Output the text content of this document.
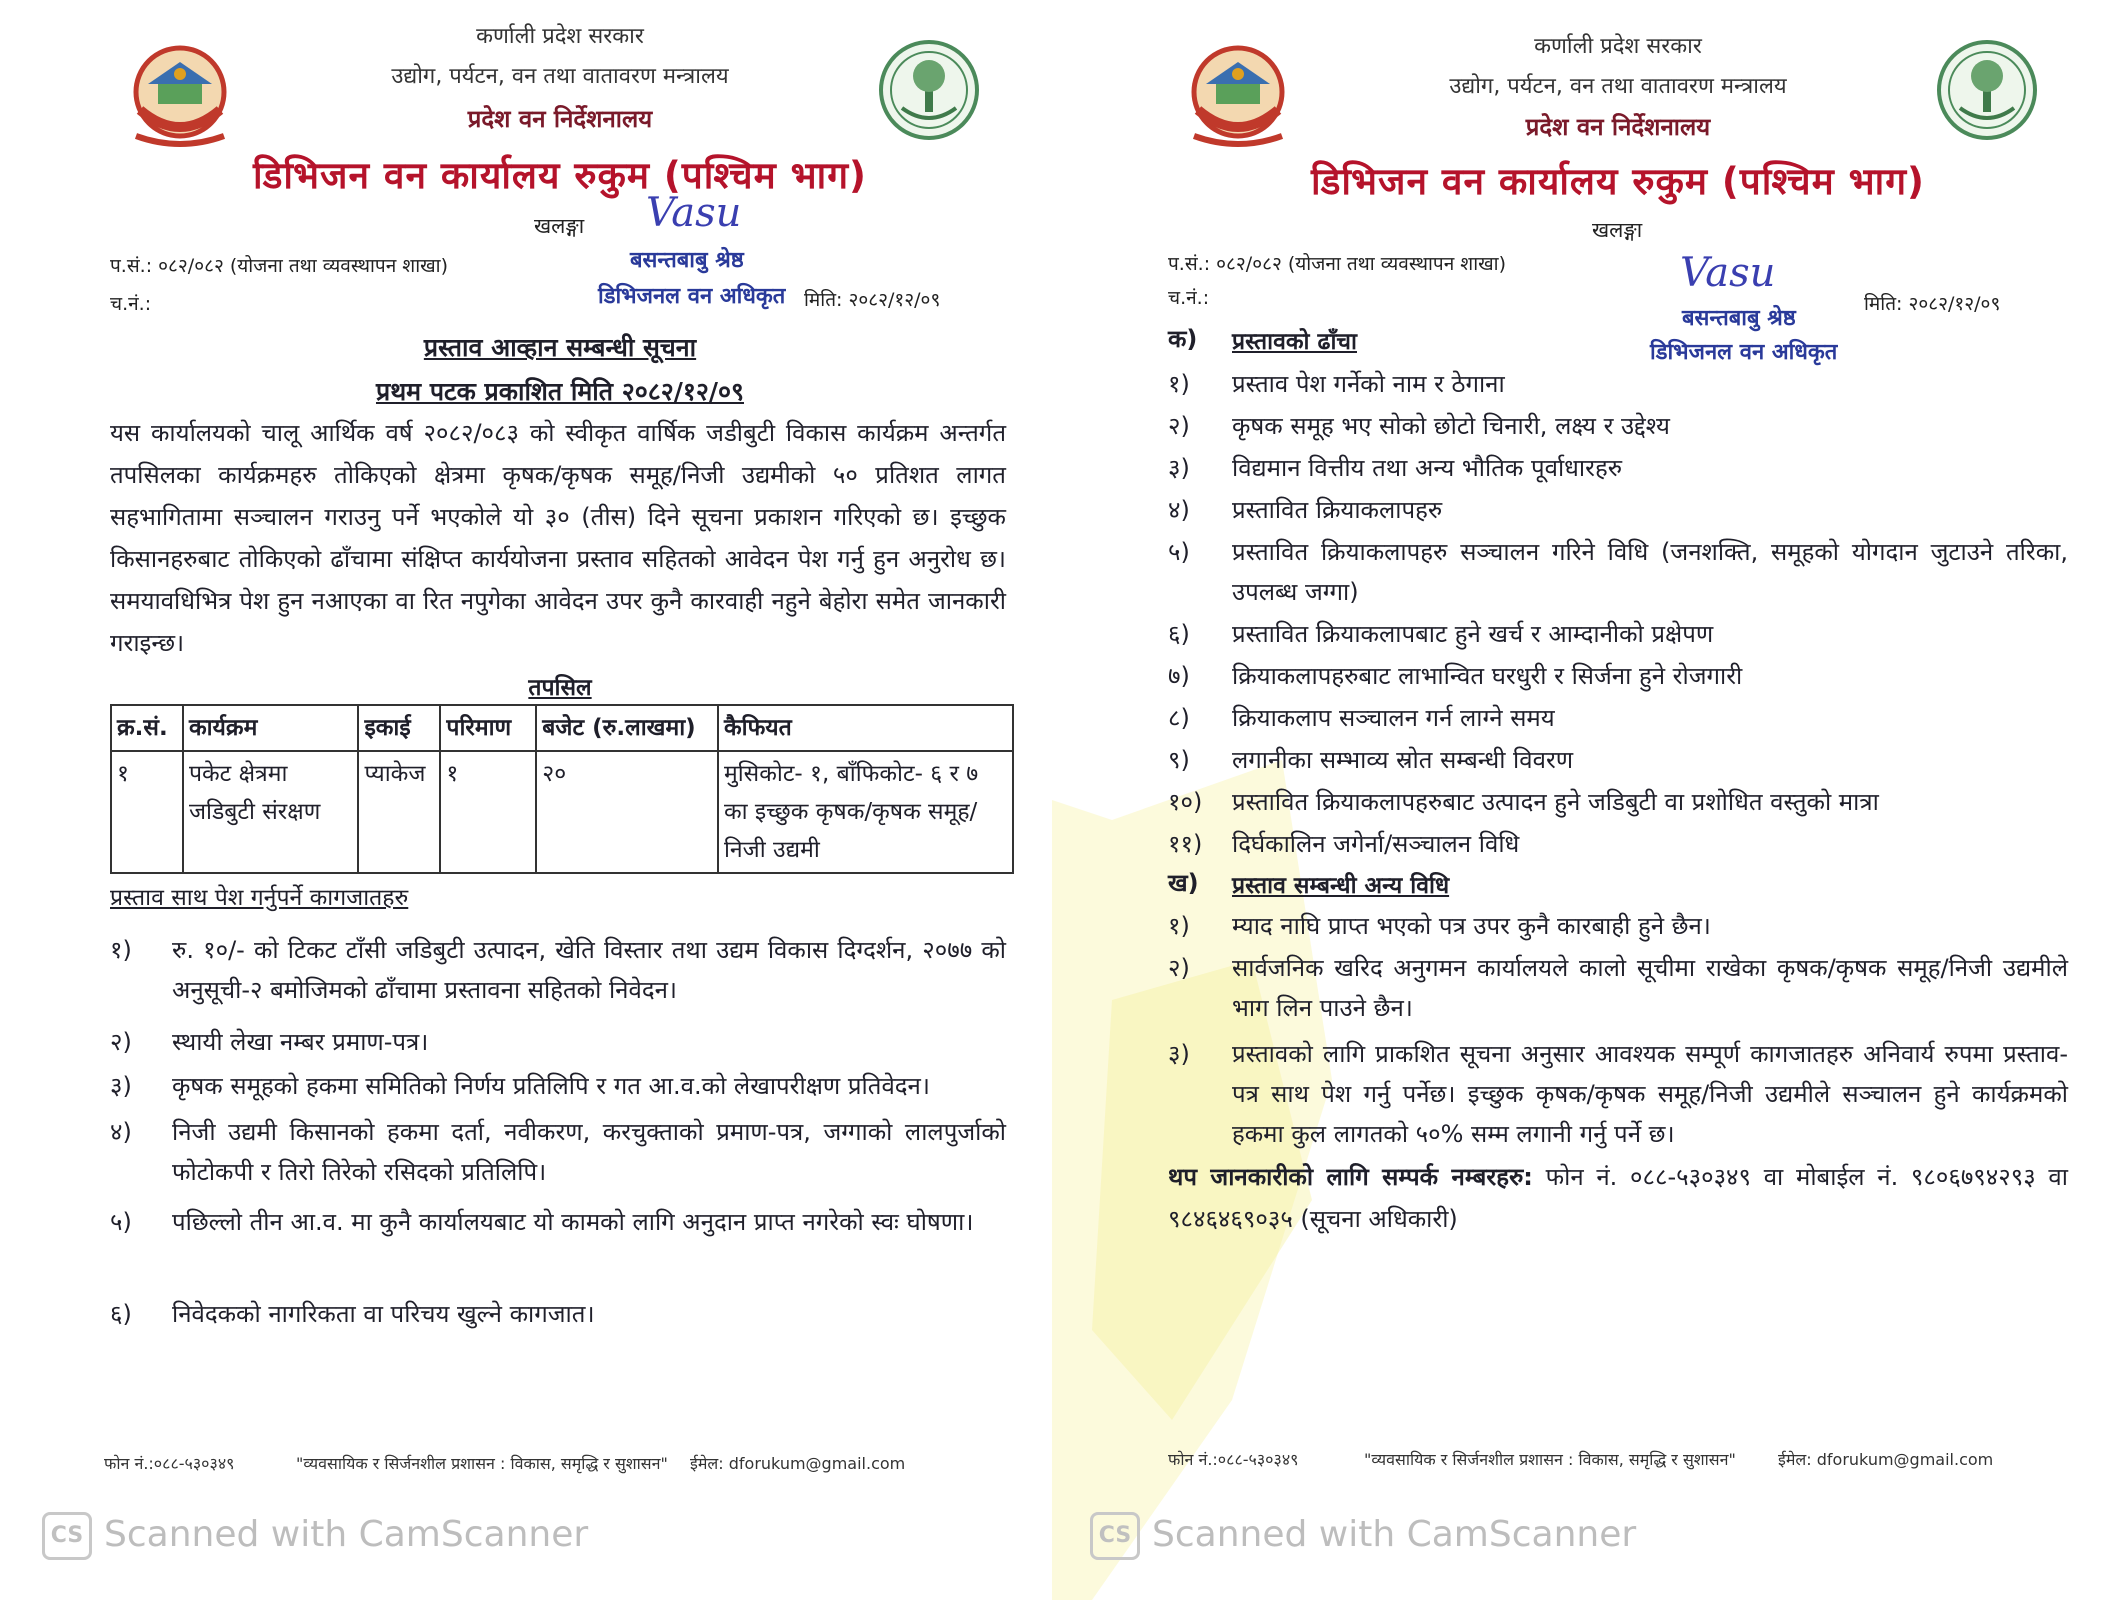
कर्णाली प्रदेश सरकार
उद्योग, पर्यटन, वन तथा वातावरण मन्त्रालय
प्रदेश वन निर्देशनालय
डिभिजन वन कार्यालय रुकुम (पश्चिम भाग)
खलङ्गा Vasu
बसन्तबाबु श्रेष्ठ
डिभिजनल वन अधिकृत
प.सं.: ०८२/०८२ (योजना तथा व्यवस्थापन शाखा)
च.नं.:	मिति: २०८२/१२/०९
प्रस्ताव आव्हान सम्बन्धी सूचना
प्रथम पटक प्रकाशित मिति २०८२/१२/०९
यस कार्यालयको चालू आर्थिक वर्ष २०८२/०८३ को स्वीकृत वार्षिक जडीबुटी विकास कार्यक्रम अन्तर्गत तपसिलका कार्यक्रमहरु तोकिएको क्षेत्रमा कृषक/कृषक समूह/निजी उद्यमीको ५० प्रतिशत लागत सहभागितामा सञ्चालन गराउनु पर्ने भएकोले यो ३० (तीस) दिने सूचना प्रकाशन गरिएको छ। इच्छुक किसानहरुबाट तोकिएको ढाँचामा संक्षिप्त कार्ययोजना प्रस्ताव सहितको आवेदन पेश गर्नु हुन अनुरोध छ। समयावधिभित्र पेश हुन नआएका वा रित नपुगेका आवेदन उपर कुनै कारवाही नहुने बेहोरा समेत जानकारी गराइन्छ।
तपसिल
क्र.सं.	कार्यक्रम	इकाई	परिमाण	बजेट (रु.लाखमा)	कैफियत
१	पकेट क्षेत्रमा जडिबुटी संरक्षण	प्याकेज	१	२०	मुसिकोट- १, बाँफिकोट- ६ र ७ का इच्छुक कृषक/कृषक समूह/निजी उद्यमी
प्रस्ताव साथ पेश गर्नुपर्ने कागजातहरु
१) रु. १०/- को टिकट टाँसी जडिबुटी उत्पादन, खेति विस्तार तथा उद्यम विकास दिग्दर्शन, २०७७ को अनुसूची-२ बमोजिमको ढाँचामा प्रस्तावना सहितको निवेदन।
२) स्थायी लेखा नम्बर प्रमाण-पत्र।
३) कृषक समूहको हकमा समितिको निर्णय प्रतिलिपि र गत आ.व.को लेखापरीक्षण प्रतिवेदन।
४) निजी उद्यमी किसानको हकमा दर्ता, नवीकरण, करचुक्ताको प्रमाण-पत्र, जग्गाको लालपुर्जाको फोटोकपी र तिरो तिरेको रसिदको प्रतिलिपि।
५) पछिल्लो तीन आ.व. मा कुनै कार्यालयबाट यो कामको लागि अनुदान प्राप्त नगरेको स्वः घोषणा।
६) निवेदकको नागरिकता वा परिचय खुल्ने कागजात।
फोन नं.:०८८-५३०३४९	"व्यवसायिक र सिर्जनशील प्रशासन : विकास, समृद्धि र सुशासन" ईमेल: dforukum@gmail.com
CS Scanned with CamScanner
कर्णाली प्रदेश सरकार
उद्योग, पर्यटन, वन तथा वातावरण मन्त्रालय
प्रदेश वन निर्देशनालय
डिभिजन वन कार्यालय रुकुम (पश्चिम भाग)
खलङ्गा
प.सं.: ०८२/०८२ (योजना तथा व्यवस्थापन शाखा)
च.नं.:	मिति: २०८२/१२/०९
Vasu
बसन्तबाबु श्रेष्ठ
डिभिजनल वन अधिकृत
क) प्रस्तावको ढाँचा
१) प्रस्ताव पेश गर्नेको नाम र ठेगाना
२) कृषक समूह भए सोको छोटो चिनारी, लक्ष्य र उद्देश्य
३) विद्यमान वित्तीय तथा अन्य भौतिक पूर्वाधारहरु
४) प्रस्तावित क्रियाकलापहरु
५) प्रस्तावित क्रियाकलापहरु सञ्चालन गरिने विधि (जनशक्ति, समूहको योगदान जुटाउने तरिका, उपलब्ध जग्गा)
६) प्रस्तावित क्रियाकलापबाट हुने खर्च र आम्दानीको प्रक्षेपण
७) क्रियाकलापहरुबाट लाभान्वित घरधुरी र सिर्जना हुने रोजगारी
८) क्रियाकलाप सञ्चालन गर्न लाग्ने समय
९) लगानीका सम्भाव्य स्रोत सम्बन्धी विवरण
१०) प्रस्तावित क्रियाकलापहरुबाट उत्पादन हुने जडिबुटी वा प्रशोधित वस्तुको मात्रा
११) दिर्घकालिन जगेर्ना/सञ्चालन विधि
ख) प्रस्ताव सम्बन्धी अन्य विधि
१) म्याद नाघि प्राप्त भएको पत्र उपर कुनै कारबाही हुने छैन।
२) सार्वजनिक खरिद अनुगमन कार्यालयले कालो सूचीमा राखेका कृषक/कृषक समूह/निजी उद्यमीले भाग लिन पाउने छैन।
३) प्रस्तावको लागि प्राकशित सूचना अनुसार आवश्यक सम्पूर्ण कागजातहरु अनिवार्य रुपमा प्रस्ताव-पत्र साथ पेश गर्नु पर्नेछ। इच्छुक कृषक/कृषक समूह/निजी उद्यमीले सञ्चालन हुने कार्यक्रमको हकमा कुल लागतको ५०% सम्म लगानी गर्नु पर्ने छ।
थप जानकारीको लागि सम्पर्क नम्बरहरु: फोन नं. ०८८-५३०३४९ वा मोबाईल नं. ९८०६७९४२९३ वा ९८४६४६९०३५ (सूचना अधिकारी)
फोन नं.:०८८-५३०३४९	"व्यवसायिक र सिर्जनशील प्रशासन : विकास, समृद्धि र सुशासन"	ईमेल: dforukum@gmail.com
CS Scanned with CamScanner
